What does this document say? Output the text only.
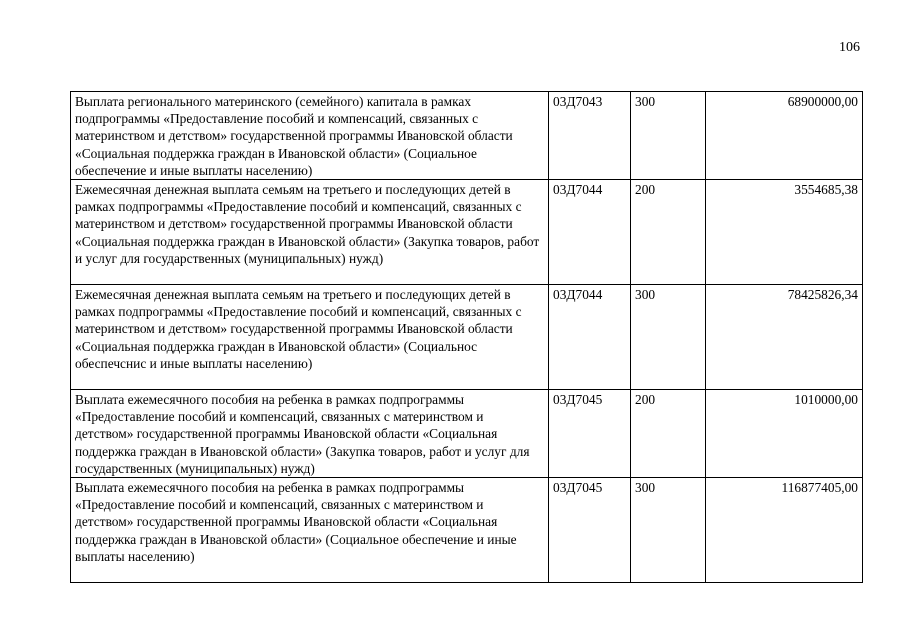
106
Выплата регионального материнского (семейного) капитала в рамках подпрограммы «Предоставление пособий и компенсаций, связанных с материнством и детством» государственной программы Ивановской области «Социальная поддержка граждан в Ивановской области» (Социальное обеспечение и иные выплаты населению)	03Д7043	300	68900000,00
Ежемесячная денежная выплата семьям на третьего и последующих детей в рамках подпрограммы «Предоставление пособий и компенсаций, связанных с материнством и детством» государственной программы Ивановской области «Социальная поддержка граждан в Ивановской области» (Закупка товаров, работ и услуг для государственных (муниципальных) нужд)	03Д7044	200	3554685,38
Ежемесячная денежная выплата семьям на третьего и последующих детей в рамках подпрограммы «Предоставление пособий и компенсаций, связанных с материнством и детством» государственной программы Ивановской области «Социальная поддержка граждан в Ивановской области» (Социальнос обеспечснис и иные выплаты населению)	03Д7044	300	78425826,34
Выплата ежемесячного пособия на ребенка в рамках подпрограммы «Предоставление пособий и компенсаций, связанных с материнством и детством» государственной программы Ивановской области «Социальная поддержка граждан в Ивановской области» (Закупка товаров, работ и услуг для государственных (муниципальных) нужд)	03Д7045	200	1010000,00
Выплата ежемесячного пособия на ребенка в рамках подпрограммы «Предоставление пособий и компенсаций, связанных с материнством и детством» государственной программы Ивановской области «Социальная поддержка граждан в Ивановской области» (Социальное обеспечение и иные выплаты населению)	03Д7045	300	116877405,00
